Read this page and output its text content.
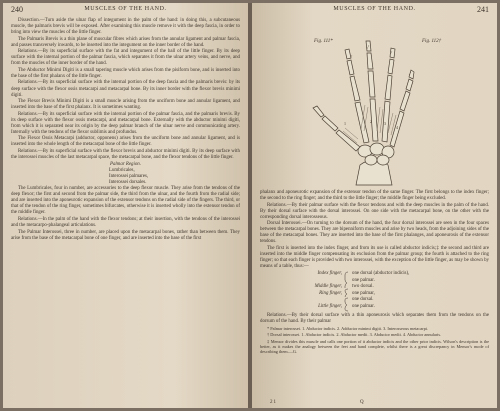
240	MUSCLES OF THE HAND.

Dissection.—Turn aside the ulnar flap of integument in the palm of the hand: in doing this, a subcutaneous muscle, the palmaris brevis will be exposed. After examining this muscle remove it with the deep fascia, in order to bring into view the muscles of the little finger.

The Palmaris Brevis is a thin plane of muscular fibres which arises from the annular ligament and palmar fascia, and passes transversely inwards, to be inserted into the integument on the inner border of the hand.

Relations.—By its superficial surface with the fat and integument of the ball of the little finger. By its deep surface with the internal portion of the palmar fascia, which separates it from the ulnar artery veins, and nerve, and from the muscles of the inner border of the hand.

The Abductor Minimi Digiti is a small tapering muscle which arises from the pisiform bone, and is inserted into the base of the first phalanx of the little finger.

Relations.—By its superficial surface with the internal portion of the deep fascia and the palmaris brevis: by its deep surface with the flexor ossis metacarpi and metacarpal bone. By its inner border with the flexor brevis minimi digiti.

The Flexor Brevis Minimi Digiti is a small muscle arising from the unciform bone and annular ligament, and inserted into the base of the first phalanx. It is sometimes wanting.

Relations.—By its superficial surface with the internal portion of the palmar fascia, and the palmaris brevis. By its deep surface with the flexor ossis metacarpi, and metacarpal bone. Externally with the abductor minimi digiti, from which it is separated near its origin by the deep palmar branch of the ulnar nerve and communicating artery. Internally with the tendons of the flexor sublimis and profundus.

The Flexor Ossis Metacarpi (adductor, opponens) arises from the unciform bone and annular ligament, and is inserted into the whole length of the metacarpal bone of the little finger.

Relations.—By its superficial surface with the flexor brevis and abductor minimi digiti. By its deep surface with the interossei muscles of the last metacarpal space, the metacarpal bone, and the flexor tendons of the little finger.

Palmar Region.

Lumbricales,

Interossei palmares,

Interossei dorsales.

The Lumbricales, four in number, are accessories to the deep flexor muscle. They arise from the tendons of the deep flexor; the first and second from the palmar side, the third from the ulnar, and the fourth from the radial side; and are inserted into the aponeurotic expansion of the extensor tendons on the radial side of the fingers. The third, or that of the tendon of the ring finger, sometimes bifurcates, otherwise it is inserted wholly into the extensor tendon of the middle finger.

Relations.—In the palm of the hand with the flexor tendons; at their insertion, with the tendons of the interossei and the metacarpo-phalangeal articulations.

The Palmar Interossei, three in number, are placed upon the metacarpal bones, rather than between them. They arise from the base of the metacarpal bone of one finger, and are inserted into the base of the first

MUSCLES OF THE HAND.	241
Fig. 111*	Fig. 112†
1	2	3
4

phalanx and aponeurotic expansion of the extensor tendon of the same finger. The first belongs to the index finger; the second to the ring finger; and the third to the little finger; the middle finger being excluded.

Relations.—By their palmar surface with the flexor tendons and with the deep muscles in the palm of the hand. By their dorsal surface with the dorsal interossei. On one side with the metacarpal bone, on the other with the corresponding dorsal interosseous.

Dorsal Interossei.—On turning to the dorsum of the hand, the four dorsal interossei are seen in the four spaces between the metacarpal bones. They are bipenniform muscles and arise by two heads, from the adjoining sides of the base of the metacarpal bones. They are inserted into the base of the first phalanges, and aponeurosis of the extensor tendons.

The first is inserted into the index finger, and from its use is called abductor indicis;‡ the second and third are inserted into the middle finger compensating its exclusion from the palmar group; the fourth is attached to the ring finger; so that each finger is provided with two interossei, with the exception of the little finger, as may be shown by means of a table, thus:—

Index finger, one dorsal (abductor indicis),
one palmar.
Middle finger, two dorsal.
Ring finger, one palmar,
one dorsal.
Little finger, one palmar.

Relations.—By their dorsal surface with a thin aponeurosis which separates them from the tendons on the dorsum of the hand. By their palmar

* Palmar interossei. 1. Abductor indicis. 2. Adductor minimi digiti. 3. Interosseous metacarpi.

† Dorsal interossei. 1. Abductor indicis. 2. Abductor medii. 3. Abductor medii. 4. Abductor annularis.

‡ Mensor divides this muscle and calls one portion of it abductor indicis and the other prior indicis. Wilson's description is the better, as it makes the analogy between the feet and hand complete, whilst there is a great discrepancy in Mensor's mode of describing them.—G.

21	Q
